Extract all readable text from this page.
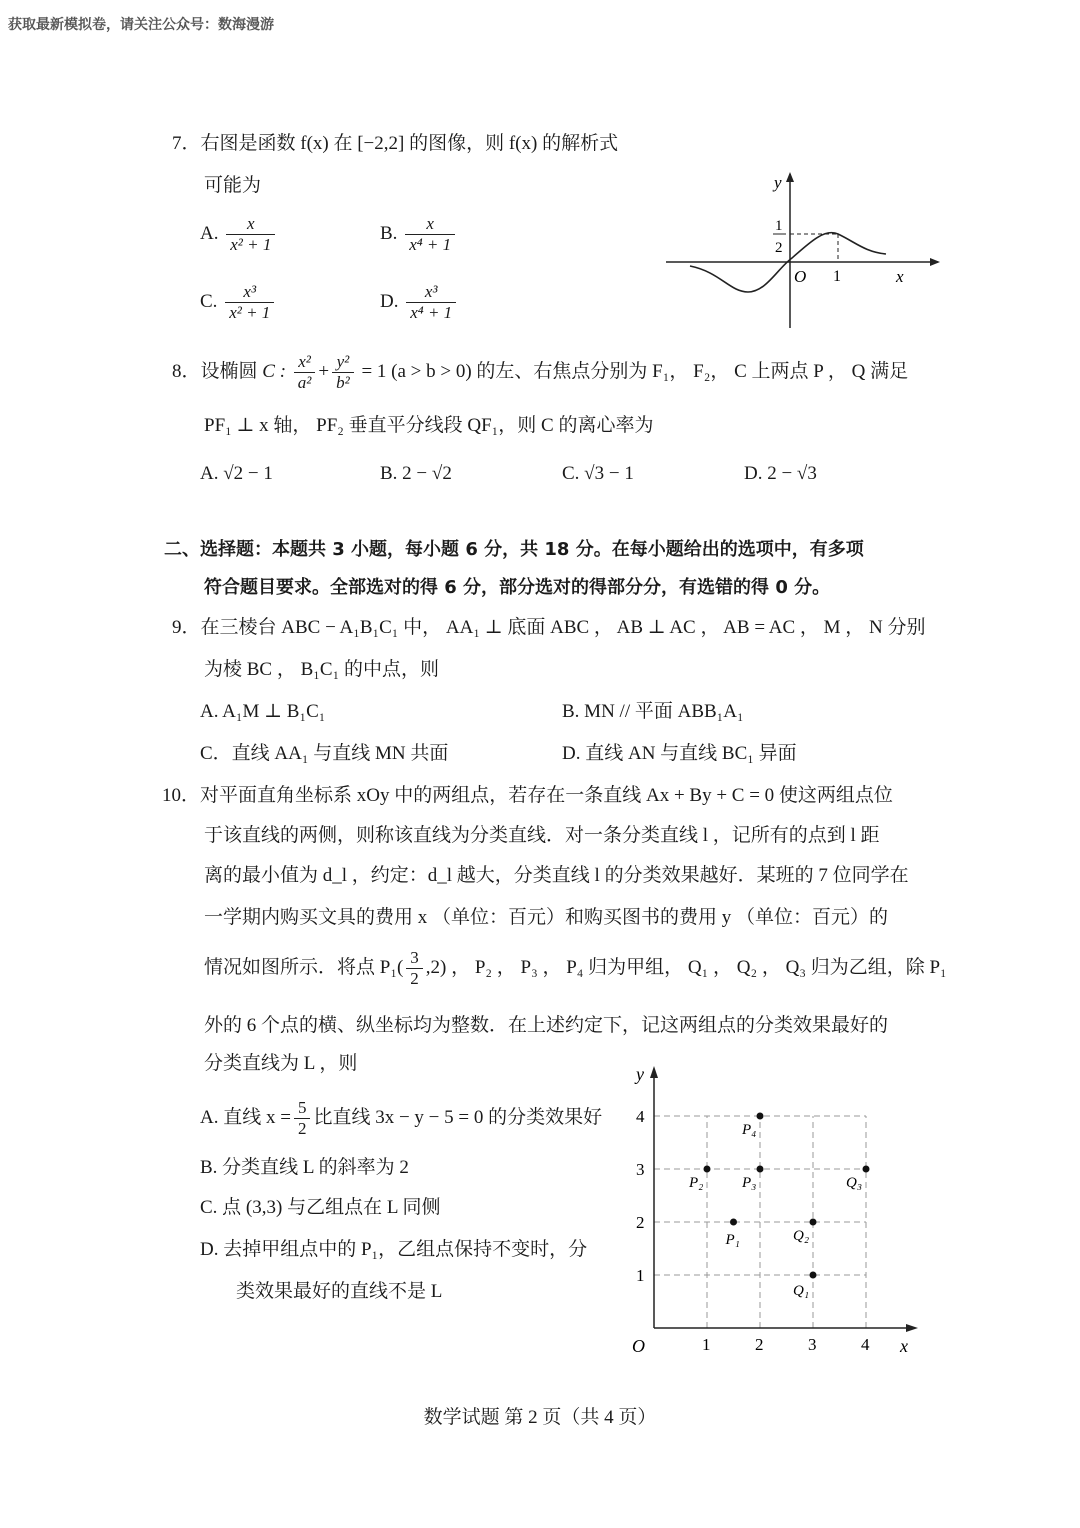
获取最新模拟卷，请关注公众号：数海漫游
7．右图是函数 f(x) 在 [−2,2] 的图像，则 f(x) 的解析式
可能为
A. $\frac{x}{\text{x² + 1}}$	B. $\frac{x}{\text{x⁴ + 1}}$
C. $\frac{\text{x³}}{\text{x² + 1}}$	D. $\frac{\text{x³}}{\text{x⁴ + 1}}$
y
x
O 1
1
2
8．设椭圆 C : $\frac{\text{x²}}{\text{a²}} + \frac{\text{y²}}{\text{b²}} = 1$ (a > b > 0) 的左、右焦点分别为 F₁， F₂， C 上两点 P ， Q 满足
PF₁ ⊥ x 轴， PF₂ 垂直平分线段 QF₁，则 C 的离心率为
A. √2 − 1	B. 2 − √2	C. √3 − 1	D. 2 − √3
二、选择题：本题共 3 小题，每小题 6 分，共 18 分。在每小题给出的选项中，有多项
符合题目要求。全部选对的得 6 分，部分选对的得部分分，有选错的得 0 分。
9．在三棱台 ABC − A₁B₁C₁ 中， AA₁ ⊥ 底面 ABC ， AB ⊥ AC ， AB = AC ， M ， N 分别
为棱 BC ， B₁C₁ 的中点，则
A. A₁M ⊥ B₁C₁	B. MN // 平面 ABB₁A₁
C．直线 AA₁ 与直线 MN 共面	D. 直线 AN 与直线 BC₁ 异面
10．对平面直角坐标系 xOy 中的两组点，若存在一条直线 Ax + By + C = 0 使这两组点位
于该直线的两侧，则称该直线为分类直线．对一条分类直线 l ，记所有的点到 l 距
离的最小值为 d_l ，约定：d_l 越大，分类直线 l 的分类效果越好．某班的 7 位同学在
一学期内购买文具的费用 x （单位：百元）和购买图书的费用 y （单位：百元）的
情况如图所示．将点 $P_1( \frac{3}{2} ,2)$ ， P₂ ， P₃ ， P₄ 归为甲组， Q₁ ， Q₂ ， Q₃ 归为乙组，除 P₁
外的 6 个点的横、纵坐标均为整数．在上述约定下，记这两组点的分类效果最好的
分类直线为 L ，则
A. 直线 $x = \frac{5}{2}$ 比直线 3x − y − 5 = 0 的分类效果好
B. 分类直线 L 的斜率为 2
C. 点 (3,3) 与乙组点在 L 同侧
D. 去掉甲组点中的 P₁，乙组点保持不变时，分
类效果最好的直线不是 L
x
y
O	1	2	3	4
1
2
3
4
P₁
P₂	P₃
P₄
Q₁
Q₂
Q₃
数学试题 第 2 页（共 4 页）
